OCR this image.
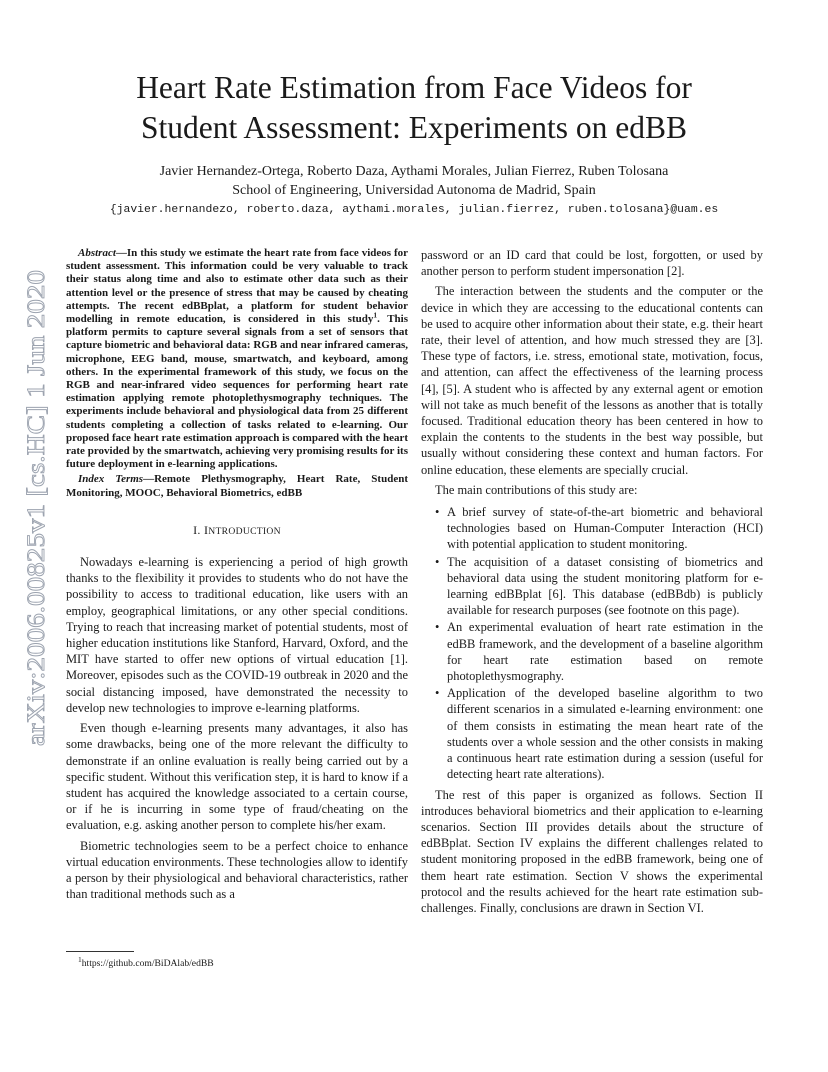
arXiv:2006.00825v1 [cs.HC] 1 Jun 2020
Heart Rate Estimation from Face Videos for
Student Assessment: Experiments on edBB
Javier Hernandez-Ortega, Roberto Daza, Aythami Morales, Julian Fierrez, Ruben Tolosana
School of Engineering, Universidad Autonoma de Madrid, Spain
{javier.hernandezo, roberto.daza, aythami.morales, julian.fierrez, ruben.tolosana}@uam.es

Abstract—In this study we estimate the heart rate from face videos for student assessment. This information could be very valuable to track their status along time and also to estimate other data such as their attention level or the presence of stress that may be caused by cheating attempts. The recent edBBplat, a platform for student behavior modelling in remote education, is considered in this study$^1$. This platform permits to capture several signals from a set of sensors that capture biometric and behavioral data: RGB and near infrared cameras, microphone, EEG band, mouse, smartwatch, and keyboard, among others. In the experimental framework of this study, we focus on the RGB and near-infrared video sequences for performing heart rate estimation applying remote photoplethysmography techniques. The experiments include behavioral and physiological data from 25 different students completing a collection of tasks related to e-learning. Our proposed face heart rate estimation approach is compared with the heart rate provided by the smartwatch, achieving very promising results for its future deployment in e-learning applications.

Index Terms—Remote Plethysmography, Heart Rate, Student Monitoring, MOOC, Behavioral Biometrics, edBB

I. INTRODUCTION

Nowadays e-learning is experiencing a period of high growth thanks to the flexibility it provides to students who do not have the possibility to access to traditional education, like users with an employ, geographical limitations, or any other special conditions. Trying to reach that increasing market of potential students, most of higher education institutions like Stanford, Harvard, Oxford, and the MIT have started to offer new options of virtual education [1]. Moreover, episodes such as the COVID-19 outbreak in 2020 and the social distancing imposed, have demonstrated the necessity to develop new technologies to improve e-learning platforms.

Even though e-learning presents many advantages, it also has some drawbacks, being one of the more relevant the difficulty to demonstrate if an online evaluation is really being carried out by a specific student. Without this verification step, it is hard to know if a student has acquired the knowledge associated to a certain course, or if he is incurring in some type of fraud/cheating on the evaluation, e.g. asking another person to complete his/her exam.

Biometric technologies seem to be a perfect choice to enhance virtual education environments. These technologies allow to identify a person by their physiological and behavioral characteristics, rather than traditional methods such as a

$^1$https://github.com/BiDAlab/edBB

password or an ID card that could be lost, forgotten, or used by another person to perform student impersonation [2].

The interaction between the students and the computer or the device in which they are accessing to the educational contents can be used to acquire other information about their state, e.g. their heart rate, their level of attention, and how much stressed they are [3]. These type of factors, i.e. stress, emotional state, motivation, focus, and attention, can affect the effectiveness of the learning process [4], [5]. A student who is affected by any external agent or emotion will not take as much benefit of the lessons as another that is totally focused. Traditional education theory has been centered in how to explain the contents to the students in the best way possible, but usually without considering these context and human factors. For online education, these elements are specially crucial.

The main contributions of this study are:

• A brief survey of state-of-the-art biometric and behavioral technologies based on Human-Computer Interaction (HCI) with potential application to student monitoring.
• The acquisition of a dataset consisting of biometrics and behavioral data using the student monitoring platform for e-learning edBBplat [6]. This database (edBBdb) is publicly available for research purposes (see footnote on this page).
• An experimental evaluation of heart rate estimation in the edBB framework, and the development of a baseline algorithm for heart rate estimation based on remote photoplethysmography.
• Application of the developed baseline algorithm to two different scenarios in a simulated e-learning environment: one of them consists in estimating the mean heart rate of the students over a whole session and the other consists in making a continuous heart rate estimation during a session (useful for detecting heart rate alterations).

The rest of this paper is organized as follows. Section II introduces behavioral biometrics and their application to e-learning scenarios. Section III provides details about the structure of edBBplat. Section IV explains the different challenges related to student monitoring proposed in the edBB framework, being one of them heart rate estimation. Section V shows the experimental protocol and the results achieved for the heart rate estimation sub-challenges. Finally, conclusions are drawn in Section VI.
